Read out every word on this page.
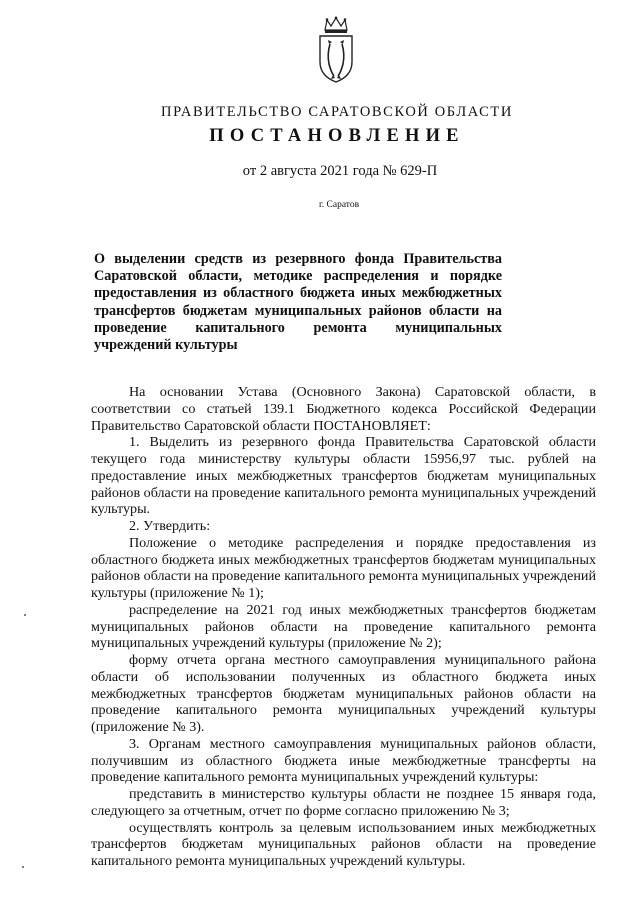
ПРАВИТЕЛЬСТВО САРАТОВСКОЙ ОБЛАСТИ
ПОСТАНОВЛЕНИЕ
от 2 августа 2021 года № 629-П
г. Саратов
О выделении средств из резервного фонда Правительства Саратовской области, методике распределения и порядке предоставления из областного бюджета иных межбюджетных трансфертов бюджетам муниципальных районов области на проведение капитального ремонта муниципальных учреждений культуры

На основании Устава (Основного Закона) Саратовской области, в соответствии со статьей 139.1 Бюджетного кодекса Российской Федерации Правительство Саратовской области ПОСТАНОВЛЯЕТ:

1. Выделить из резервного фонда Правительства Саратовской области текущего года министерству культуры области 15956,97 тыс. рублей на предоставление иных межбюджетных трансфертов бюджетам муниципальных районов области на проведение капитального ремонта муниципальных учреждений культуры.

2. Утвердить:

Положение о методике распределения и порядке предоставления из областного бюджета иных межбюджетных трансфертов бюджетам муниципальных районов области на проведение капитального ремонта муниципальных учреждений культуры (приложение № 1);

распределение на 2021 год иных межбюджетных трансфертов бюджетам муниципальных районов области на проведение капитального ремонта муниципальных учреждений культуры (приложение № 2);

форму отчета органа местного самоуправления муниципального района области об использовании полученных из областного бюджета иных межбюджетных трансфертов бюджетам муниципальных районов области на проведение капитального ремонта муниципальных учреждений культуры (приложение № 3).

3. Органам местного самоуправления муниципальных районов области, получившим из областного бюджета иные межбюджетные трансферты на проведение капитального ремонта муниципальных учреждений культуры:

представить в министерство культуры области не позднее 15 января года, следующего за отчетным, отчет по форме согласно приложению № 3;

осуществлять контроль за целевым использованием иных межбюджетных трансфертов бюджетам муниципальных районов области на проведение капитального ремонта муниципальных учреждений культуры.
